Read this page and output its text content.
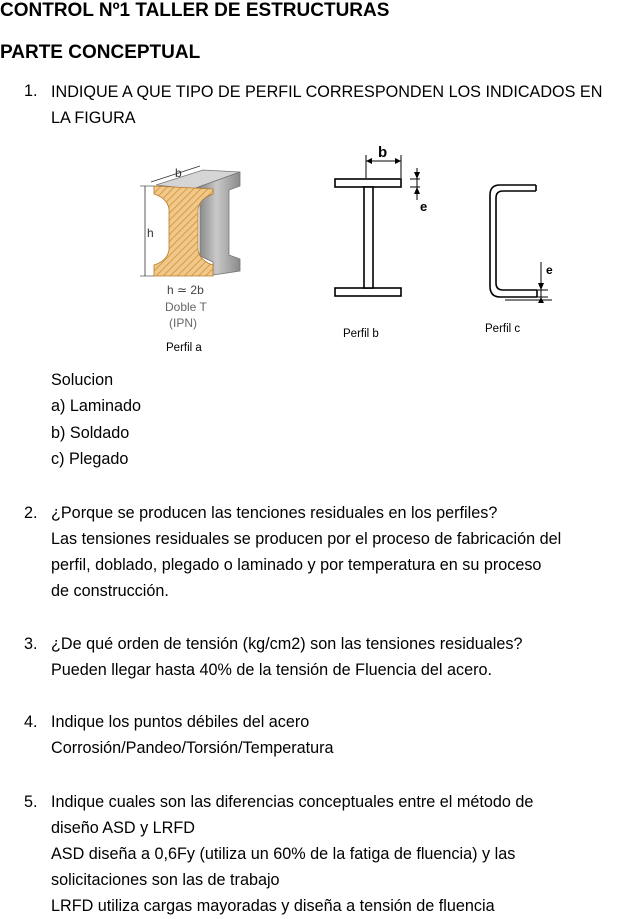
CONTROL Nº1 TALLER DE ESTRUCTURAS
PARTE CONCEPTUAL
1. INDIQUE A QUE TIPO DE PERFIL CORRESPONDEN LOS INDICADOS EN
LA FIGURA
b
h
h ≃ 2b
Doble T
(IPN)
Perfil a
b
e
Perfil b
e
Perfil c
Solucion
a) Laminado
b) Soldado
c) Plegado
2. ¿Porque se producen las tenciones residuales en los perfiles?
Las tensiones residuales se producen por el proceso de fabricación del
perfil, doblado, plegado o laminado y por temperatura en su proceso
de construcción.
3. ¿De qué orden de tensión (kg/cm2) son las tensiones residuales?
Pueden llegar hasta 40% de la tensión de Fluencia del acero.
4. Indique los puntos débiles del acero
Corrosión/Pandeo/Torsión/Temperatura
5. Indique cuales son las diferencias conceptuales entre el método de
diseño ASD y LRFD
ASD diseña a 0,6Fy (utiliza un 60% de la fatiga de fluencia) y las
solicitaciones son las de trabajo
LRFD utiliza cargas mayoradas y diseña a tensión de fluencia
